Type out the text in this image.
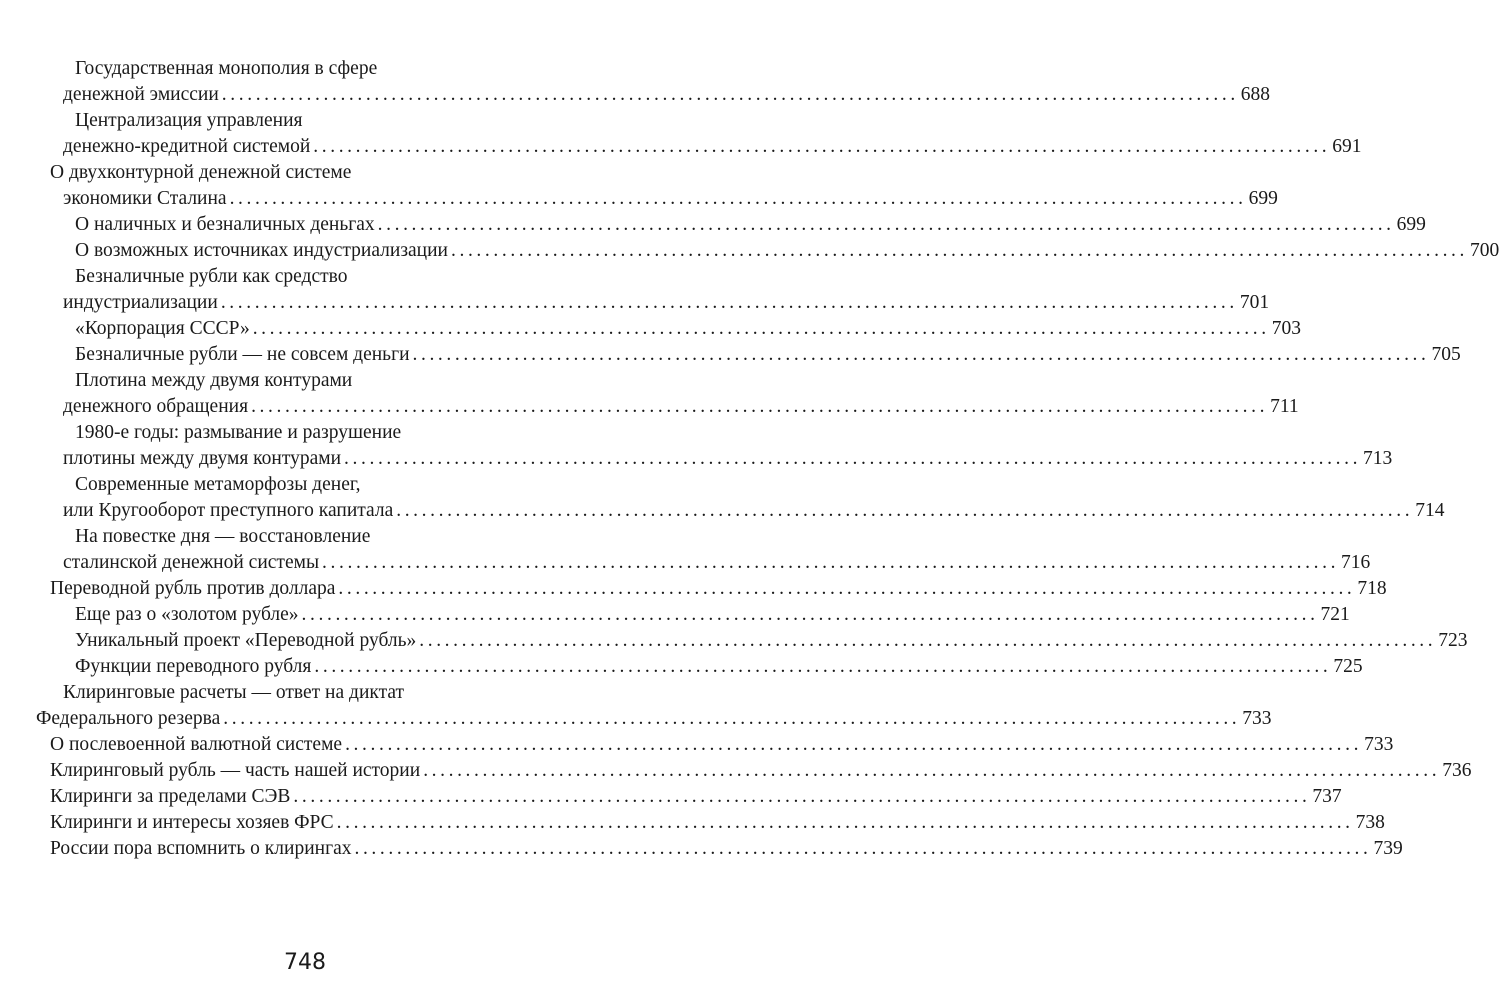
Государственная монополия в сфере
денежной эмиссии ........................................................................................................................ 688
Централизация управления
денежно-кредитной системой ........................................................................................................................ 691
О двухконтурной денежной системе
экономики Сталина ........................................................................................................................ 699
О наличных и безналичных деньгах ........................................................................................................................ 699
О возможных источниках индустриализации ........................................................................................................................ 700
Безналичные рубли как средство
индустриализации ........................................................................................................................ 701
«Корпорация СССР» ........................................................................................................................ 703
Безналичные рубли — не совсем деньги ........................................................................................................................ 705
Плотина между двумя контурами
денежного обращения ........................................................................................................................ 711
1980-е годы: размывание и разрушение
плотины между двумя контурами ........................................................................................................................ 713
Современные метаморфозы денег,
или Кругооборот преступного капитала ........................................................................................................................ 714
На повестке дня — восстановление
сталинской денежной системы ........................................................................................................................ 716
Переводной рубль против доллара ........................................................................................................................ 718
Еще раз о «золотом рубле» ........................................................................................................................ 721
Уникальный проект «Переводной рубль» ........................................................................................................................ 723
Функции переводного рубля ........................................................................................................................ 725
Клиринговые расчеты — ответ на диктат
Федерального резерва ........................................................................................................................ 733
О послевоенной валютной системе ........................................................................................................................ 733
Клиринговый рубль — часть нашей истории ........................................................................................................................ 736
Клиринги за пределами СЭВ ........................................................................................................................ 737
Клиринги и интересы хозяев ФРС ........................................................................................................................ 738
России пора вспомнить о клирингах ........................................................................................................................ 739
748
